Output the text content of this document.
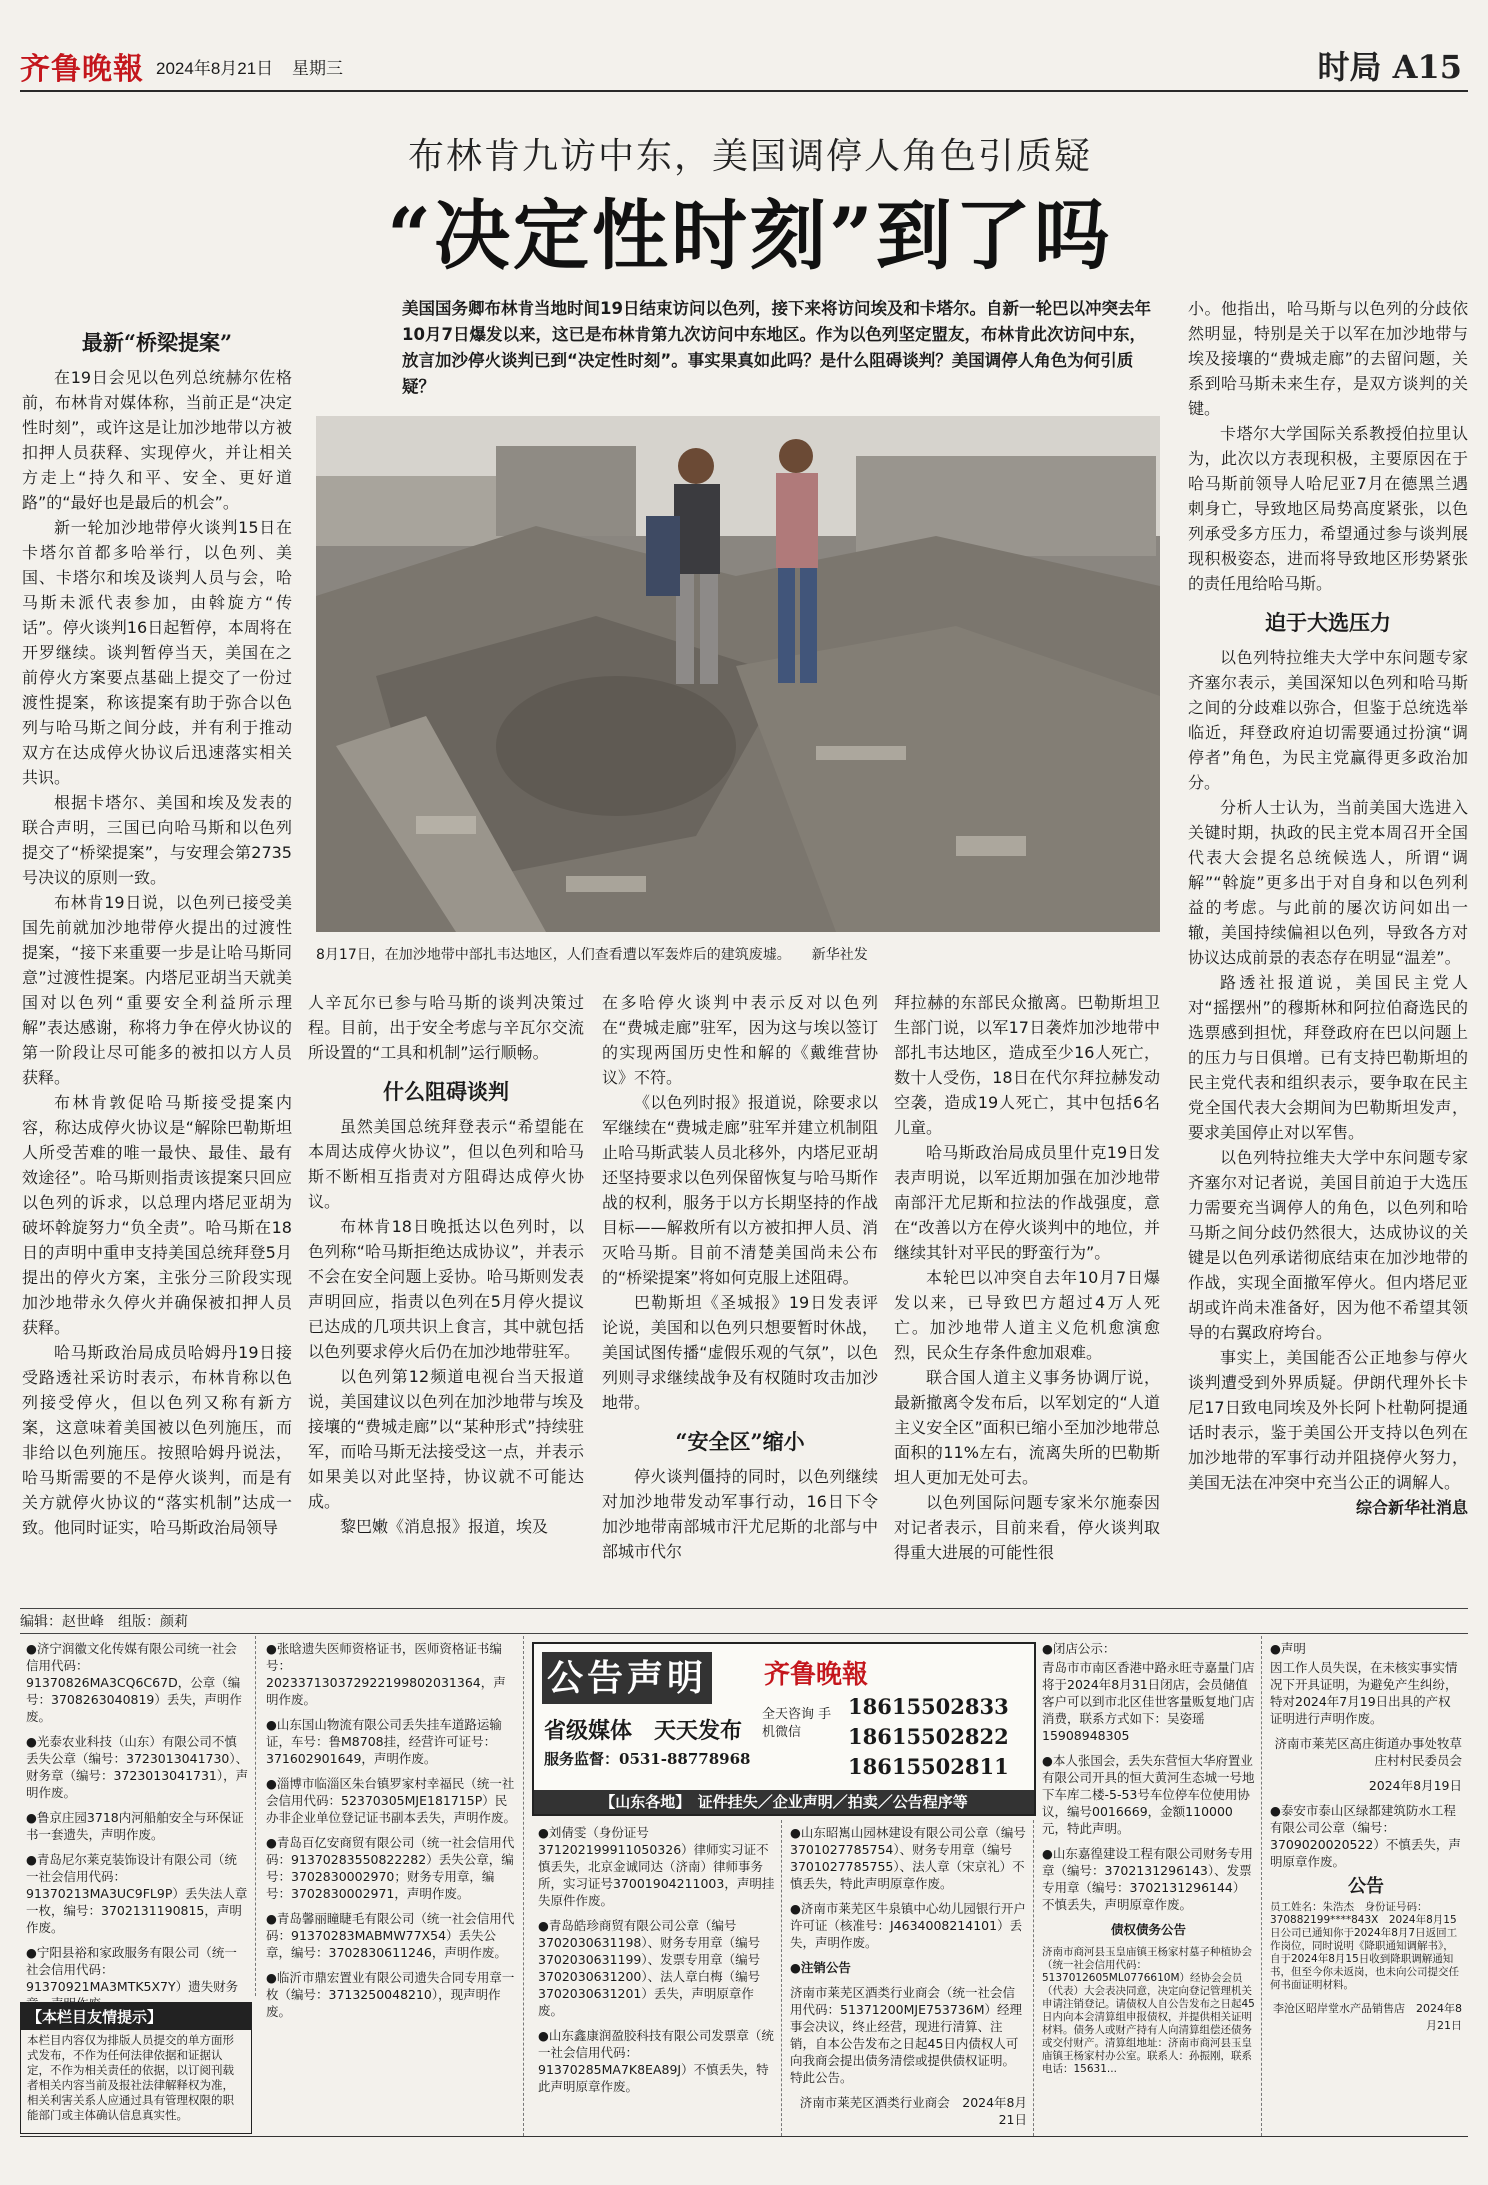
齐鲁晚報 2024年8月21日 星期三	时局 A15
布林肯九访中东，美国调停人角色引质疑
“决定性时刻”到了吗
美国国务卿布林肯当地时间19日结束访问以色列，接下来将访问埃及和卡塔尔。自新一轮巴以冲突去年10月7日爆发以来，这已是布林肯第九次访问中东地区。作为以色列坚定盟友，布林肯此次访问中东，放言加沙停火谈判已到“决定性时刻”。事实果真如此吗？是什么阻碍谈判？美国调停人角色为何引质疑？
8月17日，在加沙地带中部扎韦达地区，人们查看遭以军轰炸后的建筑废墟。　　新华社发
最新“桥梁提案”

在19日会见以色列总统赫尔佐格前，布林肯对媒体称，当前正是“决定性时刻”，或许这是让加沙地带以方被扣押人员获释、实现停火，并让相关方走上“持久和平、安全、更好道路”的“最好也是最后的机会”。

新一轮加沙地带停火谈判15日在卡塔尔首都多哈举行，以色列、美国、卡塔尔和埃及谈判人员与会，哈马斯未派代表参加，由斡旋方“传话”。停火谈判16日起暂停，本周将在开罗继续。谈判暂停当天，美国在之前停火方案要点基础上提交了一份过渡性提案，称该提案有助于弥合以色列与哈马斯之间分歧，并有利于推动双方在达成停火协议后迅速落实相关共识。

根据卡塔尔、美国和埃及发表的联合声明，三国已向哈马斯和以色列提交了“桥梁提案”，与安理会第2735号决议的原则一致。

布林肯19日说，以色列已接受美国先前就加沙地带停火提出的过渡性提案，“接下来重要一步是让哈马斯同意”过渡性提案。内塔尼亚胡当天就美国对以色列“重要安全利益所示理解”表达感谢，称将力争在停火协议的第一阶段让尽可能多的被扣以方人员获释。

布林肯敦促哈马斯接受提案内容，称达成停火协议是“解除巴勒斯坦人所受苦难的唯一最快、最佳、最有效途径”。哈马斯则指责该提案只回应以色列的诉求，以总理内塔尼亚胡为破坏斡旋努力“负全责”。哈马斯在18日的声明中重申支持美国总统拜登5月提出的停火方案，主张分三阶段实现加沙地带永久停火并确保被扣押人员获释。

哈马斯政治局成员哈姆丹19日接受路透社采访时表示，布林肯称以色列接受停火，但以色列又称有新方案，这意味着美国被以色列施压，而非给以色列施压。按照哈姆丹说法，哈马斯需要的不是停火谈判，而是有关方就停火协议的“落实机制”达成一致。他同时证实，哈马斯政治局领导

人辛瓦尔已参与哈马斯的谈判决策过程。目前，出于安全考虑与辛瓦尔交流所设置的“工具和机制”运行顺畅。

什么阻碍谈判

虽然美国总统拜登表示“希望能在本周达成停火协议”，但以色列和哈马斯不断相互指责对方阻碍达成停火协议。

布林肯18日晚抵达以色列时，以色列称“哈马斯拒绝达成协议”，并表示不会在安全问题上妥协。哈马斯则发表声明回应，指责以色列在5月停火提议已达成的几项共识上食言，其中就包括以色列要求停火后仍在加沙地带驻军。

以色列第12频道电视台当天报道说，美国建议以色列在加沙地带与埃及接壤的“费城走廊”以“某种形式”持续驻军，而哈马斯无法接受这一点，并表示如果美以对此坚持，协议就不可能达成。

黎巴嫩《消息报》报道，埃及

在多哈停火谈判中表示反对以色列在“费城走廊”驻军，因为这与埃以签订的实现两国历史性和解的《戴维营协议》不符。

《以色列时报》报道说，除要求以军继续在“费城走廊”驻军并建立机制阻止哈马斯武装人员北移外，内塔尼亚胡还坚持要求以色列保留恢复与哈马斯作战的权利，服务于以方长期坚持的作战目标——解救所有以方被扣押人员、消灭哈马斯。目前不清楚美国尚未公布的“桥梁提案”将如何克服上述阻碍。

巴勒斯坦《圣城报》19日发表评论说，美国和以色列只想要暂时休战，美国试图传播“虚假乐观的气氛”，以色列则寻求继续战争及有权随时攻击加沙地带。

“安全区”缩小

停火谈判僵持的同时，以色列继续对加沙地带发动军事行动，16日下令加沙地带南部城市汗尤尼斯的北部与中部城市代尔

拜拉赫的东部民众撤离。巴勒斯坦卫生部门说，以军17日袭炸加沙地带中部扎韦达地区，造成至少16人死亡，数十人受伤，18日在代尔拜拉赫发动空袭，造成19人死亡，其中包括6名儿童。

哈马斯政治局成员里什克19日发表声明说，以军近期加强在加沙地带南部汗尤尼斯和拉法的作战强度，意在“改善以方在停火谈判中的地位，并继续其针对平民的野蛮行为”。

本轮巴以冲突自去年10月7日爆发以来，已导致巴方超过4万人死亡。加沙地带人道主义危机愈演愈烈，民众生存条件愈加艰难。

联合国人道主义事务协调厅说，最新撤离令发布后，以军划定的“人道主义安全区”面积已缩小至加沙地带总面积的11%左右，流离失所的巴勒斯坦人更加无处可去。

以色列国际问题专家米尔施泰因对记者表示，目前来看，停火谈判取得重大进展的可能性很

小。他指出，哈马斯与以色列的分歧依然明显，特别是关于以军在加沙地带与埃及接壤的“费城走廊”的去留问题，关系到哈马斯未来生存，是双方谈判的关键。

卡塔尔大学国际关系教授伯拉里认为，此次以方表现积极，主要原因在于哈马斯前领导人哈尼亚7月在德黑兰遇刺身亡，导致地区局势高度紧张，以色列承受多方压力，希望通过参与谈判展现积极姿态，进而将导致地区形势紧张的责任甩给哈马斯。

迫于大选压力

以色列特拉维夫大学中东问题专家齐塞尔表示，美国深知以色列和哈马斯之间的分歧难以弥合，但鉴于总统选举临近，拜登政府迫切需要通过扮演“调停者”角色，为民主党赢得更多政治加分。

分析人士认为，当前美国大选进入关键时期，执政的民主党本周召开全国代表大会提名总统候选人，所谓“调解”“斡旋”更多出于对自身和以色列利益的考虑。与此前的屡次访问如出一辙，美国持续偏袒以色列，导致各方对协议达成前景的表态存在明显“温差”。

路透社报道说，美国民主党人对“摇摆州”的穆斯林和阿拉伯裔选民的选票感到担忧，拜登政府在巴以问题上的压力与日俱增。已有支持巴勒斯坦的民主党代表和组织表示，要争取在民主党全国代表大会期间为巴勒斯坦发声，要求美国停止对以军售。

以色列特拉维夫大学中东问题专家齐塞尔对记者说，美国目前迫于大选压力需要充当调停人的角色，以色列和哈马斯之间分歧仍然很大，达成协议的关键是以色列承诺彻底结束在加沙地带的作战，实现全面撤军停火。但内塔尼亚胡或许尚未准备好，因为他不希望其领导的右翼政府垮台。

事实上，美国能否公正地参与停火谈判遭受到外界质疑。伊朗代理外长卡尼17日致电同埃及外长阿卜杜勒阿提通话时表示，鉴于美国公开支持以色列在加沙地带的军事行动并阻挠停火努力，美国无法在冲突中充当公正的调解人。

综合新华社消息

编辑：赵世峰　组版：颜莉

●济宁润徽文化传媒有限公司统一社会信用代码：91370826MA3CQ6C67D，公章（编号：3708263040819）丢失，声明作废。

●光泰农业科技（山东）有限公司不慎丢失公章（编号：3723013041730）、财务章（编号：3723013041731），声明作废。

●鲁京庄园3718内河船舶安全与环保证书一套遗失，声明作废。

●青岛尼尔莱克装饰设计有限公司（统一社会信用代码：91370213MA3UC9FL9P）丢失法人章一枚，编号：3702131190815，声明作废。

●宁阳县裕和家政服务有限公司（统一社会信用代码：91370921MA3MTK5X7Y）遗失财务

【本栏目友情提示】
本栏目内容仅为排版人员提交的单方面形式发布，不作为任何法律依据和证据认定，不作为相关责任的依据，以订阅刊载者相关内容当前及报社法律解释权为准，相关利害关系人应通过具有管理权限的职能部门或主体确认信息真实性。

●张晗遗失医师资格证书，医师资格证书编号：202337130372922199802031364，声明作废。

●山东国山物流有限公司丢失挂车道路运输证，车号：鲁M8708挂，经营许可证号：371602901649，声明作废。

●淄博市临淄区朱台镇罗家村幸福民（统一社会信用代码：52370305MJE181715P）民办非企业单位登记证书副本丢失，声明作废。

●青岛百亿安商贸有限公司（统一社会信用代码：91370283550822282）丢失公章，编号：3702830002970；财务专用章，编号：3702830002971，声明作废。

●青岛馨丽瞳睫毛有限公司（统一社会信用代码：91370283MABMW77X54）丢失公章，编号：3702830611246，声明作废。

●临沂市鼎宏置业有限公司遗失合同专用章一枚（编号：3713250048210），现声明作废。

公告声明 齐鲁晚報
省级媒体　天天发布
服务监督：0531-88778968
全天咨询 手机微信
18615502833
18615502822
18615502811
【山东各地】　证件挂失／企业声明／拍卖／公告程序等

●刘倩雯（身份证号371202199911050326）律师实习证不慎丢失，北京金诚同达（济南）律师事务所，实习证号37001904211003，声明挂失原件作废。

●青岛皓珍商贸有限公司公章（编号3702030631198）、财务专用章（编号3702030631199）、发票专用章（编号3702030631200）、法人章白梅（编号3702030631201）丢失，声明原章作废。

●山东鑫康润盈胶科技有限公司发票章（统一社会信用代码：91370285MA7K8EA89J）不慎丢失，特此声明原章作废。

●山东昭嶲山园林建设有限公司公章（编号3701027785754）、财务专用章（编号3701027785755）、法人章（宋京礼）不慎丢失，特此声明原章作废。

●济南市莱芜区牛泉镇中心幼儿园银行开户许可证（核准号：J4634008214101）丢失，声明作废。

●注销公告

济南市莱芜区酒类行业商会（统一社会信用代码：51371200MJE753736M）经理事会决议，终止经营，现进行清算、注销，自本公告发布之日起45日内债权人可向我商会提出债务清偿或提供债权证明。特此公告。

济南市莱芜区酒类行业商会　2024年8月21日

●闭店公示：

青岛市市南区香港中路永旺寺嘉量门店将于2024年8月31日闭店，会员储值客户可以到市北区佳世客量贩复地门店消费，联系方式如下：吴姿瑶　15908948305

●本人张国会，丢失东营恒大华府置业有限公司开具的恒大黄河生态城一号地下车库二楼-5-53号车位停车位使用协议，编号0016669，金额110000元，特此声明。

●山东嘉徨建设工程有限公司财务专用章（编号：3702131296143）、发票专用章（编号：3702131296144）不慎丢失，声明原章作废。

债权债务公告

济南市商河县玉皇庙镇王杨家村墓子种植协会（统一社会信用代码：5137012605ML0776610M）经协会会员（代表）大会表决同意，决定向登记管理机关申请注销登记。请债权人自公告发布之日起45日内向本会清算组申报债权，并提供相关证明材料。债务人或财产持有人向清算组偿还债务或交付财产。清算组地址：济南市商河县玉皇庙镇王杨家村办公室。联系人：孙振刚，联系电话：15631...

●声明

因工作人员失误，在未核实事实情况下开具证明，为避免产生纠纷，特对2024年7月19日出具的产权证明进行声明作废。

济南市莱芜区高庄街道办事处牧草庄村村民委员会

2024年8月19日

●泰安市泰山区绿都建筑防水工程有限公司公章（编号：3709020020522）不慎丢失，声明原章作废。

公告

员工姓名：朱浩杰　身份证号码：370882199****843X　2024年8月15日公司已通知你于2024年8月7日返回工作岗位，同时说明《降职通知调解书》，自于2024年8月15日收到降职调解通知书，但至今你未返岗，也未向公司提交任何书面证明材料。

李沧区昭岸堂水产品销售店　2024年8月21日
